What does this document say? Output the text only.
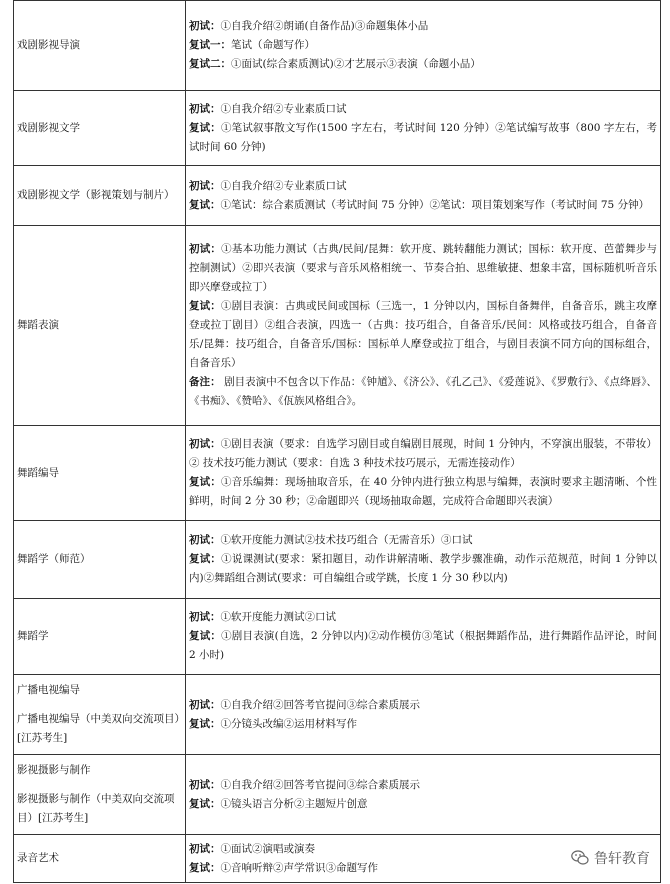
戏剧影视导演	初试：①自我介绍②朗诵(自备作品)③命题集体小品
复试一：笔试（命题写作）
复试二：①面试(综合素质测试)②才艺展示③表演（命题小品）

戏剧影视文学	初试：①自我介绍②专业素质口试
复试：①笔试叙事散文写作(1500 字左右，考试时间 120 分钟）②笔试编写故事（800 字左右，考试时间 60 分钟)

戏剧影视文学（影视策划与制片）	初试：①自我介绍②专业素质口试
复试：①笔试：综合素质测试（考试时间 75 分钟）②笔试：项目策划案写作（考试时间 75 分钟）

舞蹈表演	初试：①基本功能力测试（古典/民间/昆舞：软开度、跳转翻能力测试；国标：软开度、芭蕾舞步与控制测试）②即兴表演（要求与音乐风格相统一、节奏合拍、思维敏捷、想象丰富，国标随机听音乐即兴摩登或拉丁）
复试：①剧目表演：古典或民间或国标（三选一，1 分钟以内，国标自备舞伴，自备音乐，跳主攻摩登或拉丁剧目）②组合表演，四选一（古典：技巧组合，自备音乐/民间：风格或技巧组合，自备音乐/昆舞：技巧组合，自备音乐/国标：国标单人摩登或拉丁组合，与剧目表演不同方向的国标组合，自备音乐）
备注： 剧目表演中不包含以下作品：《钟馗》、《济公》、《孔乙己》、《爱莲说》、《罗敷行》、《点绛唇》、《书痴》、《赞哈》、《佤族风格组合》。

舞蹈编导	初试：①剧目表演（要求：自选学习剧目或自编剧目展现，时间 1 分钟内，不穿演出服装，不带妆）② 技术技巧能力测试（要求：自选 3 种技术技巧展示，无需连接动作）
复试：①音乐编舞：现场抽取音乐，在 40 分钟内进行独立构思与编舞，表演时要求主题清晰、个性鲜明，时间 2 分 30 秒；②命题即兴（现场抽取命题，完成符合命题即兴表演）

舞蹈学（师范）	初试：①软开度能力测试②技术技巧组合（无需音乐）③口试
复试：①说课测试(要求：紧扣题目，动作讲解清晰、教学步骤准确，动作示范规范，时间 1 分钟以内)②舞蹈组合测试(要求：可自编组合或学跳，长度 1 分 30 秒以内)

舞蹈学	初试：①软开度能力测试②口试
复试：①剧目表演(自选，2 分钟以内)②动作模仿③笔试（根据舞蹈作品，进行舞蹈作品评论，时间 2 小时)

广播电视编导
广播电视编导（中美双向交流项目）[江苏考生]	初试：①自我介绍②回答考官提问③综合素质展示
复试：①分镜头改编②运用材料写作

影视摄影与制作
影视摄影与制作（中美双向交流项目）[江苏考生]	初试：①自我介绍②回答考官提问③综合素质展示
复试：①镜头语言分析②主题短片创意

录音艺术	初试：①面试②演唱或演奏
复试：①音响听辩②声学常识③命题写作
鲁轩教育
